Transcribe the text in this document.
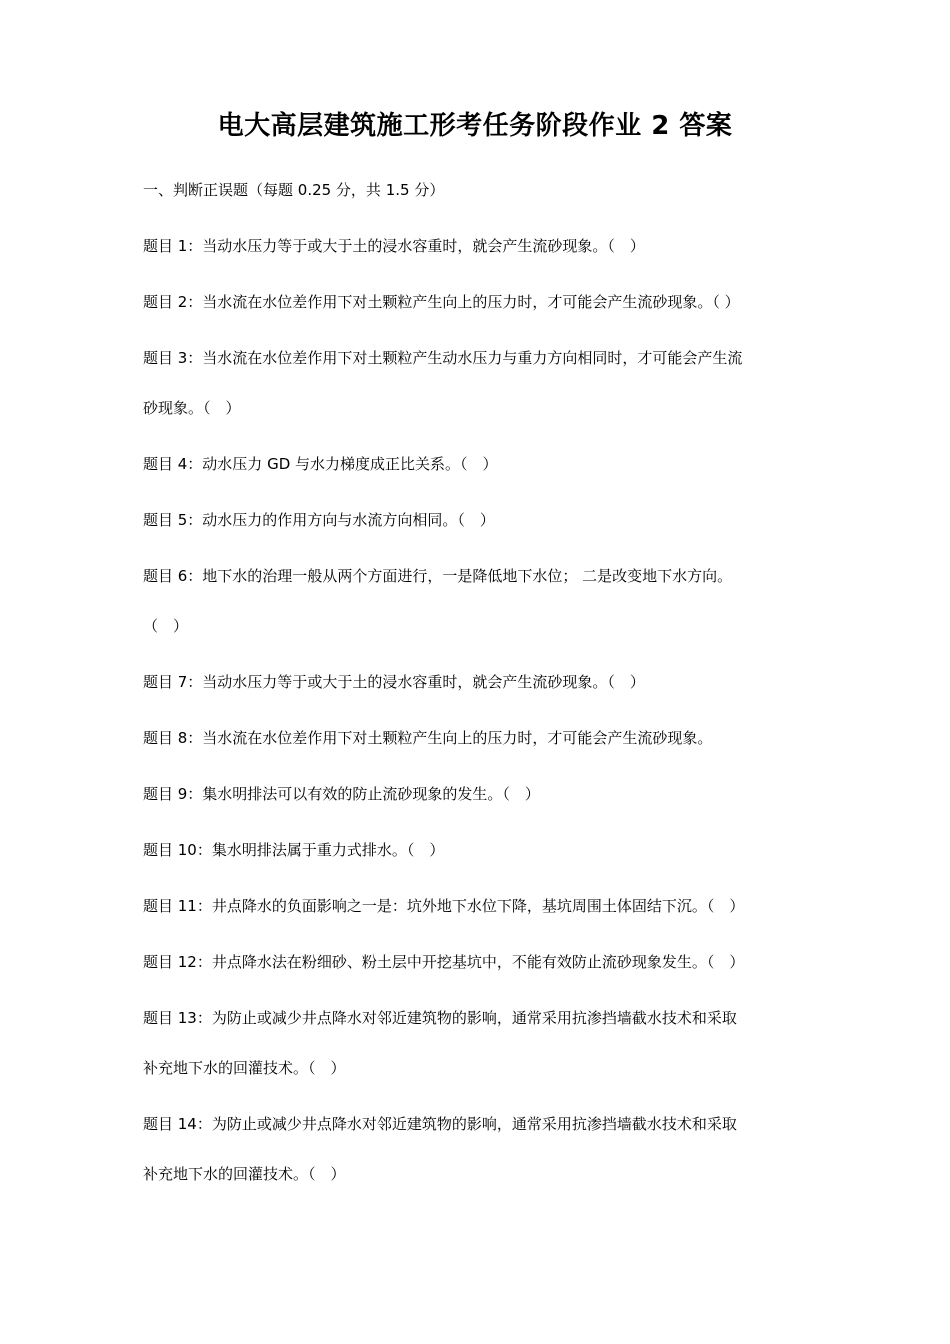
电大高层建筑施工形考任务阶段作业 2 答案
一、判断正误题（每题 0.25 分，共 1.5 分）
题目 1：当动水压力等于或大于土的浸水容重时，就会产生流砂现象。（　）
题目 2：当水流在水位差作用下对土颗粒产生向上的压力时，才可能会产生流砂现象。（ ）
题目 3：当水流在水位差作用下对土颗粒产生动水压力与重力方向相同时，才可能会产生流
砂现象。（　）
题目 4：动水压力 GD 与水力梯度成正比关系。（　）
题目 5：动水压力的作用方向与水流方向相同。（　）
题目 6：地下水的治理一般从两个方面进行，一是降低地下水位； 二是改变地下水方向。
（　）
题目 7：当动水压力等于或大于土的浸水容重时，就会产生流砂现象。（　）
题目 8：当水流在水位差作用下对土颗粒产生向上的压力时，才可能会产生流砂现象。
题目 9：集水明排法可以有效的防止流砂现象的发生。（　）
题目 10：集水明排法属于重力式排水。（　）
题目 11：井点降水的负面影响之一是：坑外地下水位下降，基坑周围土体固结下沉。（　）
题目 12：井点降水法在粉细砂、粉土层中开挖基坑中，不能有效防止流砂现象发生。（　）
题目 13：为防止或减少井点降水对邻近建筑物的影响，通常采用抗渗挡墙截水技术和采取
补充地下水的回灌技术。（　）
题目 14：为防止或减少井点降水对邻近建筑物的影响，通常采用抗渗挡墙截水技术和采取
补充地下水的回灌技术。（　）
